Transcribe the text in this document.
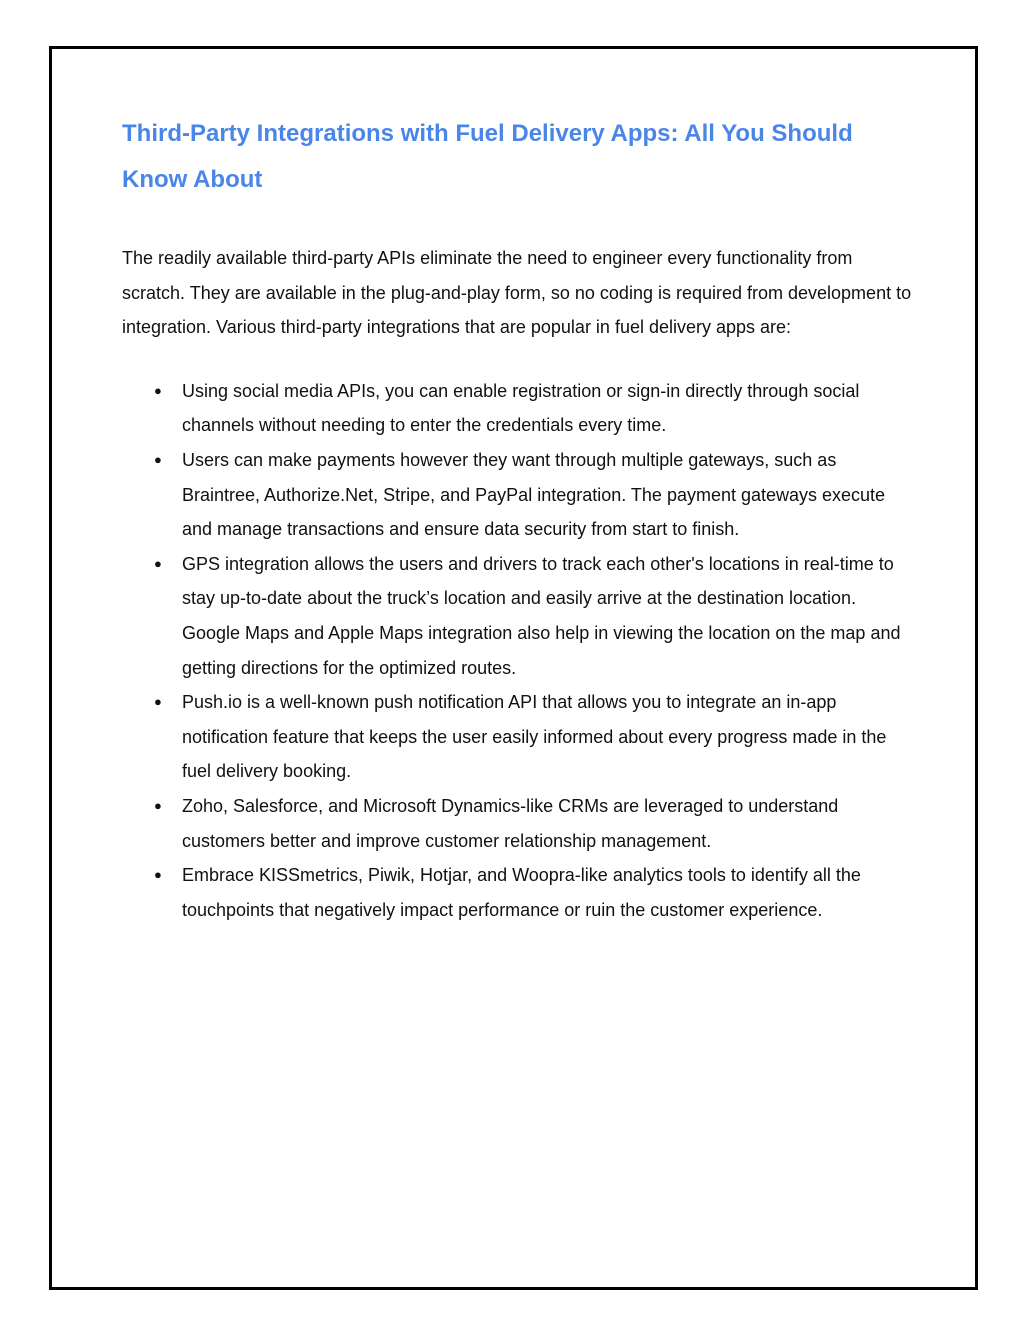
Third-Party Integrations with Fuel Delivery Apps: All You Should Know About

The readily available third-party APIs eliminate the need to engineer every functionality from scratch. They are available in the plug-and-play form, so no coding is required from development to integration. Various third-party integrations that are popular in fuel delivery apps are:

● Using social media APIs, you can enable registration or sign-in directly through social channels without needing to enter the credentials every time.
● Users can make payments however they want through multiple gateways, such as Braintree, Authorize.Net, Stripe, and PayPal integration. The payment gateways execute and manage transactions and ensure data security from start to finish.
● GPS integration allows the users and drivers to track each other's locations in real-time to stay up-to-date about the truck’s location and easily arrive at the destination location. Google Maps and Apple Maps integration also help in viewing the location on the map and getting directions for the optimized routes.
● Push.io is a well-known push notification API that allows you to integrate an in-app notification feature that keeps the user easily informed about every progress made in the fuel delivery booking.
● Zoho, Salesforce, and Microsoft Dynamics-like CRMs are leveraged to understand customers better and improve customer relationship management.
● Embrace KISSmetrics, Piwik, Hotjar, and Woopra-like analytics tools to identify all the touchpoints that negatively impact performance or ruin the customer experience.
